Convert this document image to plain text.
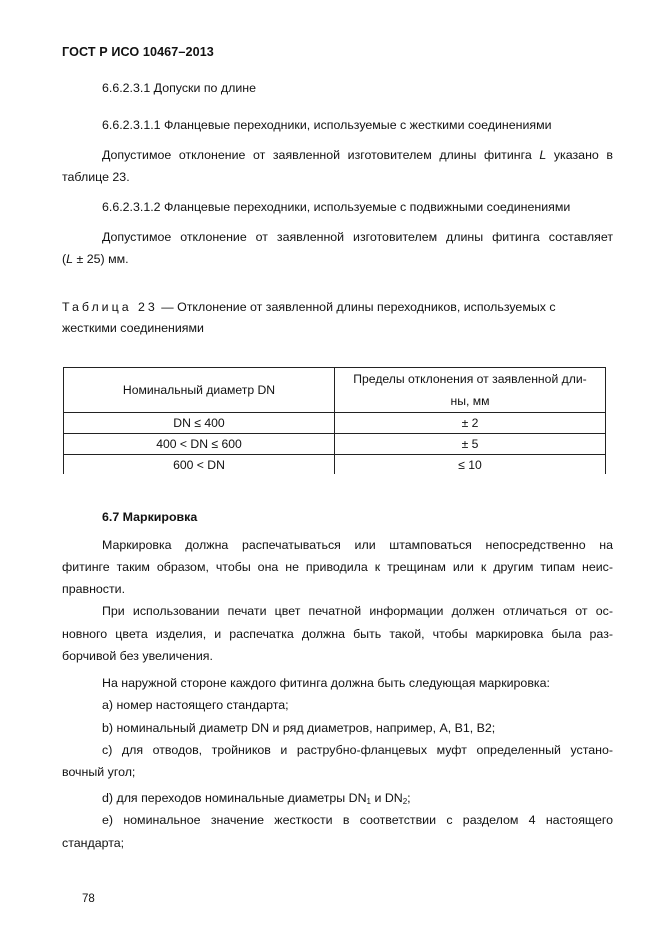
ГОСТ Р ИСО 10467–2013
6.6.2.3.1 Допуски по длине
6.6.2.3.1.1 Фланцевые переходники, используемые с жесткими соединениями
Допустимое отклонение от заявленной изготовителем длины фитинга L указано в
таблице 23.
6.6.2.3.1.2 Фланцевые переходники, используемые с подвижными соединениями
Допустимое отклонение от заявленной изготовителем длины фитинга составляет
(L ± 25) мм.
Таблица 23 — Отклонение от заявленной длины переходников, используемых с
жесткими соединениями
Номинальный диаметр DN	Пределы отклонения от заявленной дли-
ны, мм
DN ≤ 400	± 2
400 < DN ≤ 600	± 5
600 < DN	≤ 10
6.7 Маркировка
Маркировка должна распечатываться или штамповаться непосредственно на
фитинге таким образом, чтобы она не приводила к трещинам или к другим типам неис-
правности.
При использовании печати цвет печатной информации должен отличаться от ос-
новного цвета изделия, и распечатка должна быть такой, чтобы маркировка была раз-
борчивой без увеличения.
На наружной стороне каждого фитинга должна быть следующая маркировка:
a) номер настоящего стандарта;
b) номинальный диаметр DN и ряд диаметров, например, A, B1, B2;
c) для отводов, тройников и раструбно-фланцевых муфт определенный устано-
вочный угол;
d) для переходов номинальные диаметры $DN_1$ и $DN_2$;
e) номинальное значение жесткости в соответствии с разделом 4 настоящего
стандарта;
78
